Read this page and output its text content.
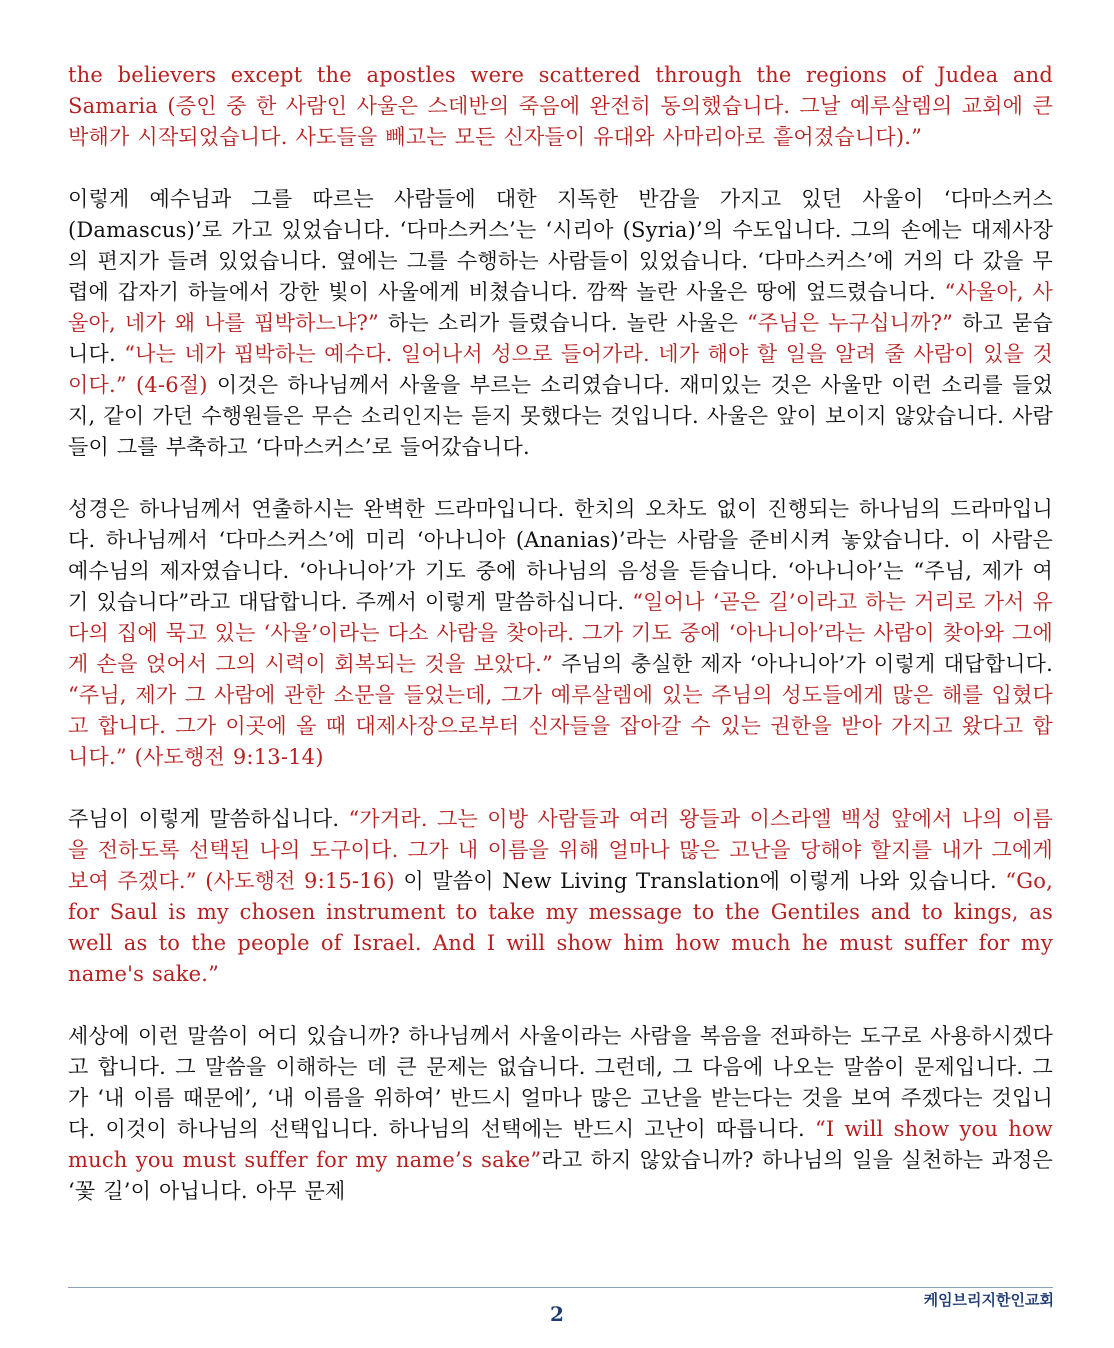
the believers except the apostles were scattered through the regions of Judea and Samaria (증인 중 한 사람인 사울은 스데반의 죽음에 완전히 동의했습니다. 그날 예루살렘의 교회에 큰 박해가 시작되었습니다. 사도들을 빼고는 모든 신자들이 유대와 사마리아로 흩어졌습니다).”

이렇게 예수님과 그를 따르는 사람들에 대한 지독한 반감을 가지고 있던 사울이 ‘다마스커스 (Damascus)’로 가고 있었습니다. ‘다마스커스’는 ‘시리아 (Syria)’의 수도입니다. 그의 손에는 대제사장의 편지가 들려 있었습니다. 옆에는 그를 수행하는 사람들이 있었습니다. ‘다마스커스’에 거의 다 갔을 무렵에 갑자기 하늘에서 강한 빛이 사울에게 비쳤습니다. 깜짝 놀란 사울은 땅에 엎드렸습니다. “사울아, 사울아, 네가 왜 나를 핍박하느냐?” 하는 소리가 들렸습니다. 놀란 사울은 “주님은 누구십니까?” 하고 묻습니다. “나는 네가 핍박하는 예수다. 일어나서 성으로 들어가라. 네가 해야 할 일을 알려 줄 사람이 있을 것이다.” (4-6절) 이것은 하나님께서 사울을 부르는 소리였습니다. 재미있는 것은 사울만 이런 소리를 들었지, 같이 가던 수행원들은 무슨 소리인지는 듣지 못했다는 것입니다. 사울은 앞이 보이지 않았습니다. 사람들이 그를 부축하고 ‘다마스커스’로 들어갔습니다.

성경은 하나님께서 연출하시는 완벽한 드라마입니다. 한치의 오차도 없이 진행되는 하나님의 드라마입니다. 하나님께서 ‘다마스커스’에 미리 ‘아나니아 (Ananias)’라는 사람을 준비시켜 놓았습니다. 이 사람은 예수님의 제자였습니다. ‘아나니아’가 기도 중에 하나님의 음성을 듣습니다. ‘아나니아’는 “주님, 제가 여기 있습니다”라고 대답합니다. 주께서 이렇게 말씀하십니다. “일어나 ‘곧은 길’이라고 하는 거리로 가서 유다의 집에 묵고 있는 ‘사울’이라는 다소 사람을 찾아라. 그가 기도 중에 ‘아나니아’라는 사람이 찾아와 그에게 손을 얹어서 그의 시력이 회복되는 것을 보았다.” 주님의 충실한 제자 ‘아나니아’가 이렇게 대답합니다. “주님, 제가 그 사람에 관한 소문을 들었는데, 그가 예루살렘에 있는 주님의 성도들에게 많은 해를 입혔다고 합니다. 그가 이곳에 올 때 대제사장으로부터 신자들을 잡아갈 수 있는 권한을 받아 가지고 왔다고 합니다.” (사도행전 9:13-14)

주님이 이렇게 말씀하십니다. “가거라. 그는 이방 사람들과 여러 왕들과 이스라엘 백성 앞에서 나의 이름을 전하도록 선택된 나의 도구이다. 그가 내 이름을 위해 얼마나 많은 고난을 당해야 할지를 내가 그에게 보여 주겠다.” (사도행전 9:15-16) 이 말씀이 New Living Translation에 이렇게 나와 있습니다. “Go, for Saul is my chosen instrument to take my message to the Gentiles and to kings, as well as to the people of Israel. And I will show him how much he must suffer for my name's sake.”

세상에 이런 말씀이 어디 있습니까? 하나님께서 사울이라는 사람을 복음을 전파하는 도구로 사용하시겠다고 합니다. 그 말씀을 이해하는 데 큰 문제는 없습니다. 그런데, 그 다음에 나오는 말씀이 문제입니다. 그가 ‘내 이름 때문에’, ‘내 이름을 위하여’ 반드시 얼마나 많은 고난을 받는다는 것을 보여 주겠다는 것입니다. 이것이 하나님의 선택입니다. 하나님의 선택에는 반드시 고난이 따릅니다. “I will show you how much you must suffer for my name’s sake”라고 하지 않았습니까? 하나님의 일을 실천하는 과정은 ‘꽃 길’이 아닙니다. 아무 문제

케임브리지한인교회
2
